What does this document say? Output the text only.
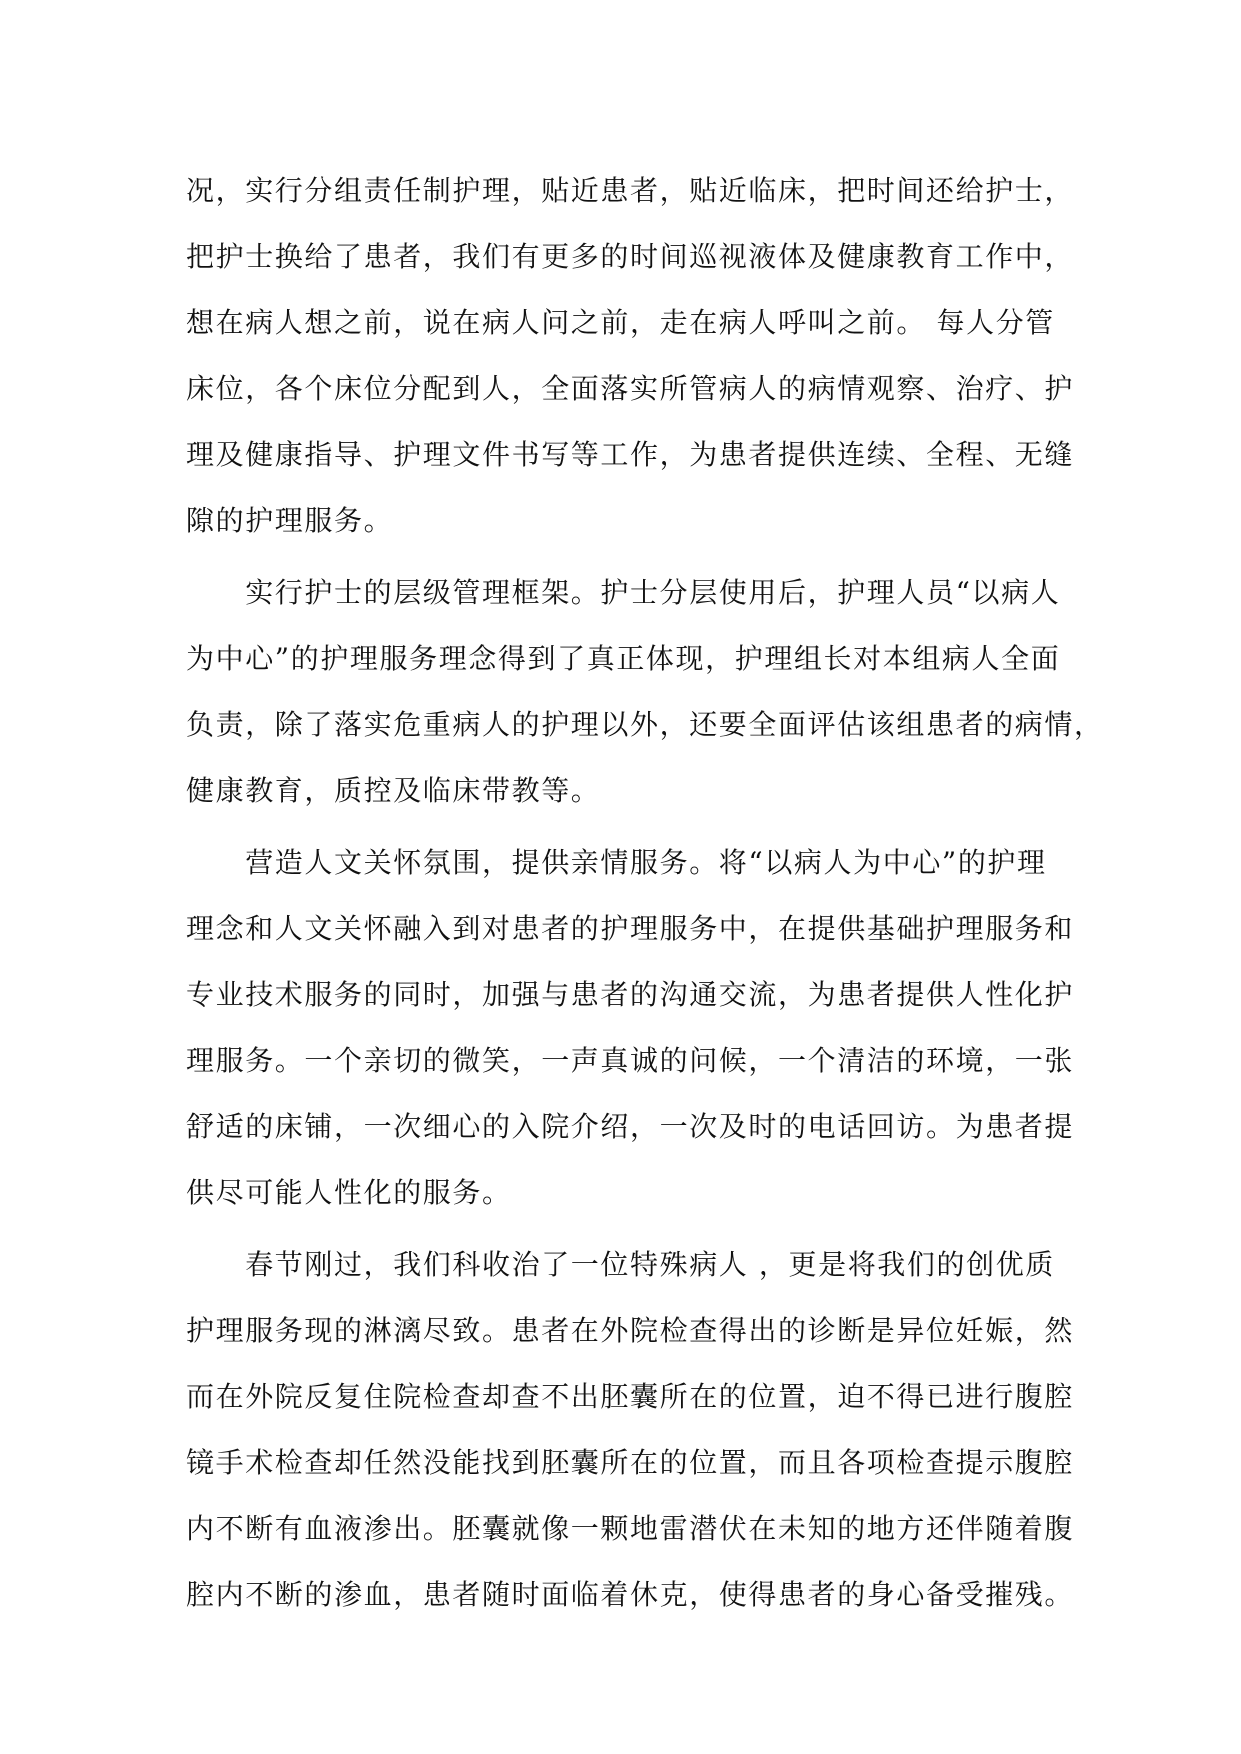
况，实行分组责任制护理，贴近患者，贴近临床，把时间还给护士，
把护士换给了患者，我们有更多的时间巡视液体及健康教育工作中，
想在病人想之前，说在病人问之前，走在病人呼叫之前。 每人分管
床位，各个床位分配到人，全面落实所管病人的病情观察、治疗、护
理及健康指导、护理文件书写等工作，为患者提供连续、全程、无缝
隙的护理服务。
　　实行护士的层级管理框架。护士分层使用后，护理人员“以病人
为中心”的护理服务理念得到了真正体现，护理组长对本组病人全面
负责，除了落实危重病人的护理以外，还要全面评估该组患者的病情，
健康教育，质控及临床带教等。
　　营造人文关怀氛围，提供亲情服务。将“以病人为中心”的护理
理念和人文关怀融入到对患者的护理服务中，在提供基础护理服务和
专业技术服务的同时，加强与患者的沟通交流，为患者提供人性化护
理服务。一个亲切的微笑，一声真诚的问候，一个清洁的环境，一张
舒适的床铺，一次细心的入院介绍，一次及时的电话回访。为患者提
供尽可能人性化的服务。
　　春节刚过，我们科收治了一位特殊病人 ，更是将我们的创优质
护理服务现的淋漓尽致。患者在外院检查得出的诊断是异位妊娠，然
而在外院反复住院检查却查不出胚囊所在的位置，迫不得已进行腹腔
镜手术检查却任然没能找到胚囊所在的位置，而且各项检查提示腹腔
内不断有血液渗出。胚囊就像一颗地雷潜伏在未知的地方还伴随着腹
腔内不断的渗血，患者随时面临着休克，使得患者的身心备受摧残。
